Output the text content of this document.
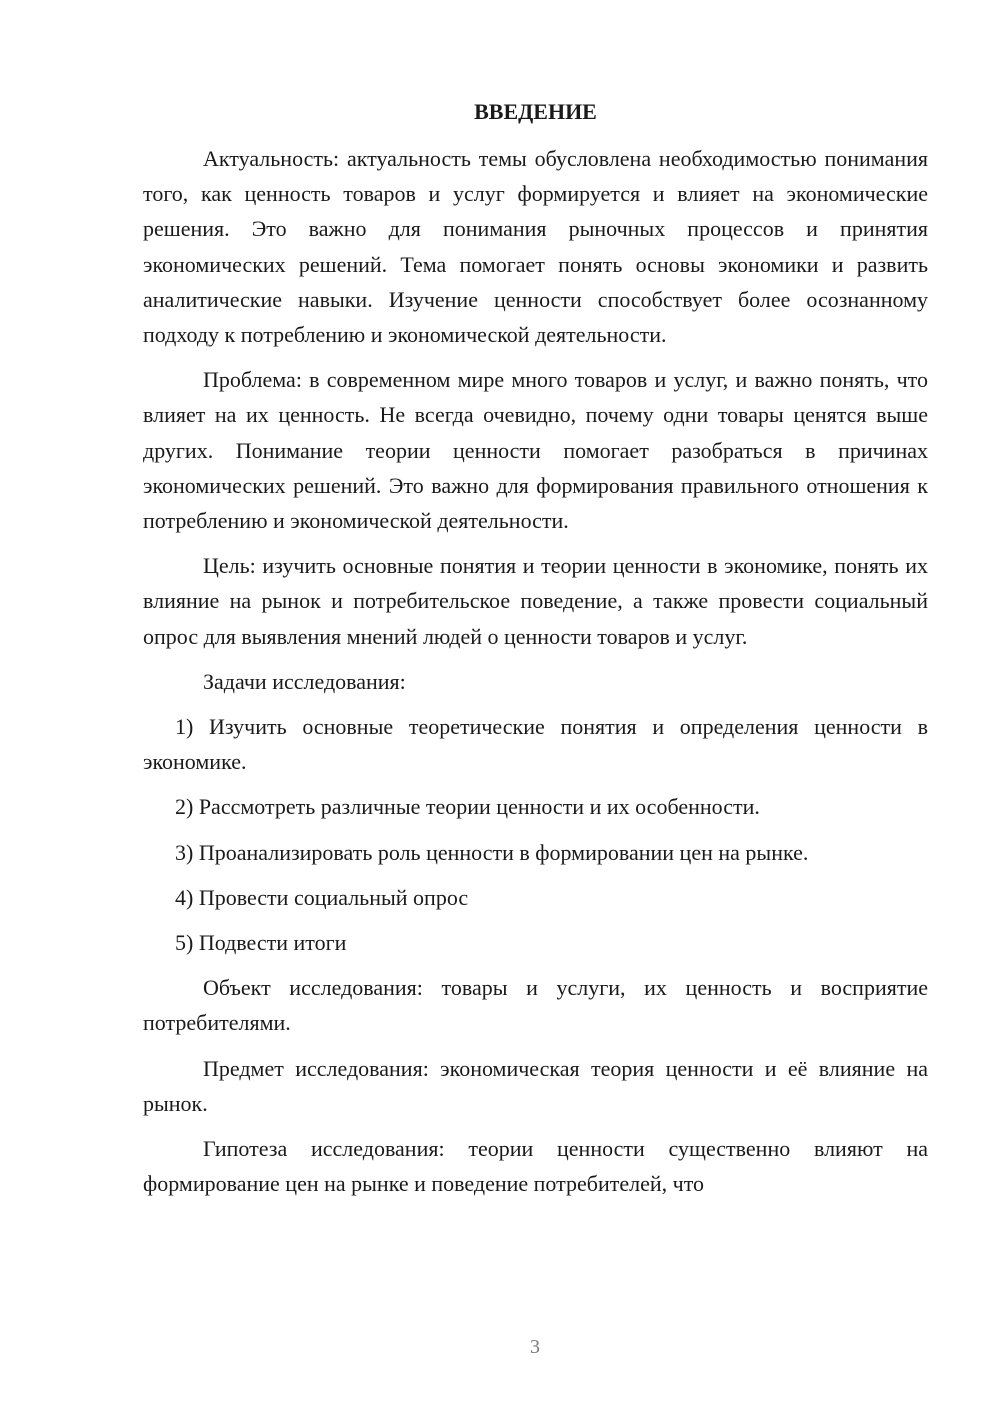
ВВЕДЕНИЕ

Актуальность: актуальность темы обусловлена необходимостью понимания того, как ценность товаров и услуг формируется и влияет на экономические решения. Это важно для понимания рыночных процессов и принятия экономических решений. Тема помогает понять основы экономики и развить аналитические навыки. Изучение ценности способствует более осознанному подходу к потреблению и экономической деятельности.

Проблема: в современном мире много товаров и услуг, и важно понять, что влияет на их ценность. Не всегда очевидно, почему одни товары ценятся выше других. Понимание теории ценности помогает разобраться в причинах экономических решений. Это важно для формирования правильного отношения к потреблению и экономической деятельности.

Цель: изучить основные понятия и теории ценности в экономике, понять их влияние на рынок и потребительское поведение, а также провести социальный опрос для выявления мнений людей о ценности товаров и услуг.

Задачи исследования:

1) Изучить основные теоретические понятия и определения ценности в экономике.

2) Рассмотреть различные теории ценности и их особенности.

3) Проанализировать роль ценности в формировании цен на рынке.

4) Провести социальный опрос

5) Подвести итоги

Объект исследования: товары и услуги, их ценность и восприятие потребителями.

Предмет исследования: экономическая теория ценности и её влияние на рынок.

Гипотеза исследования: теории ценности существенно влияют на формирование цен на рынке и поведение потребителей, что

3
